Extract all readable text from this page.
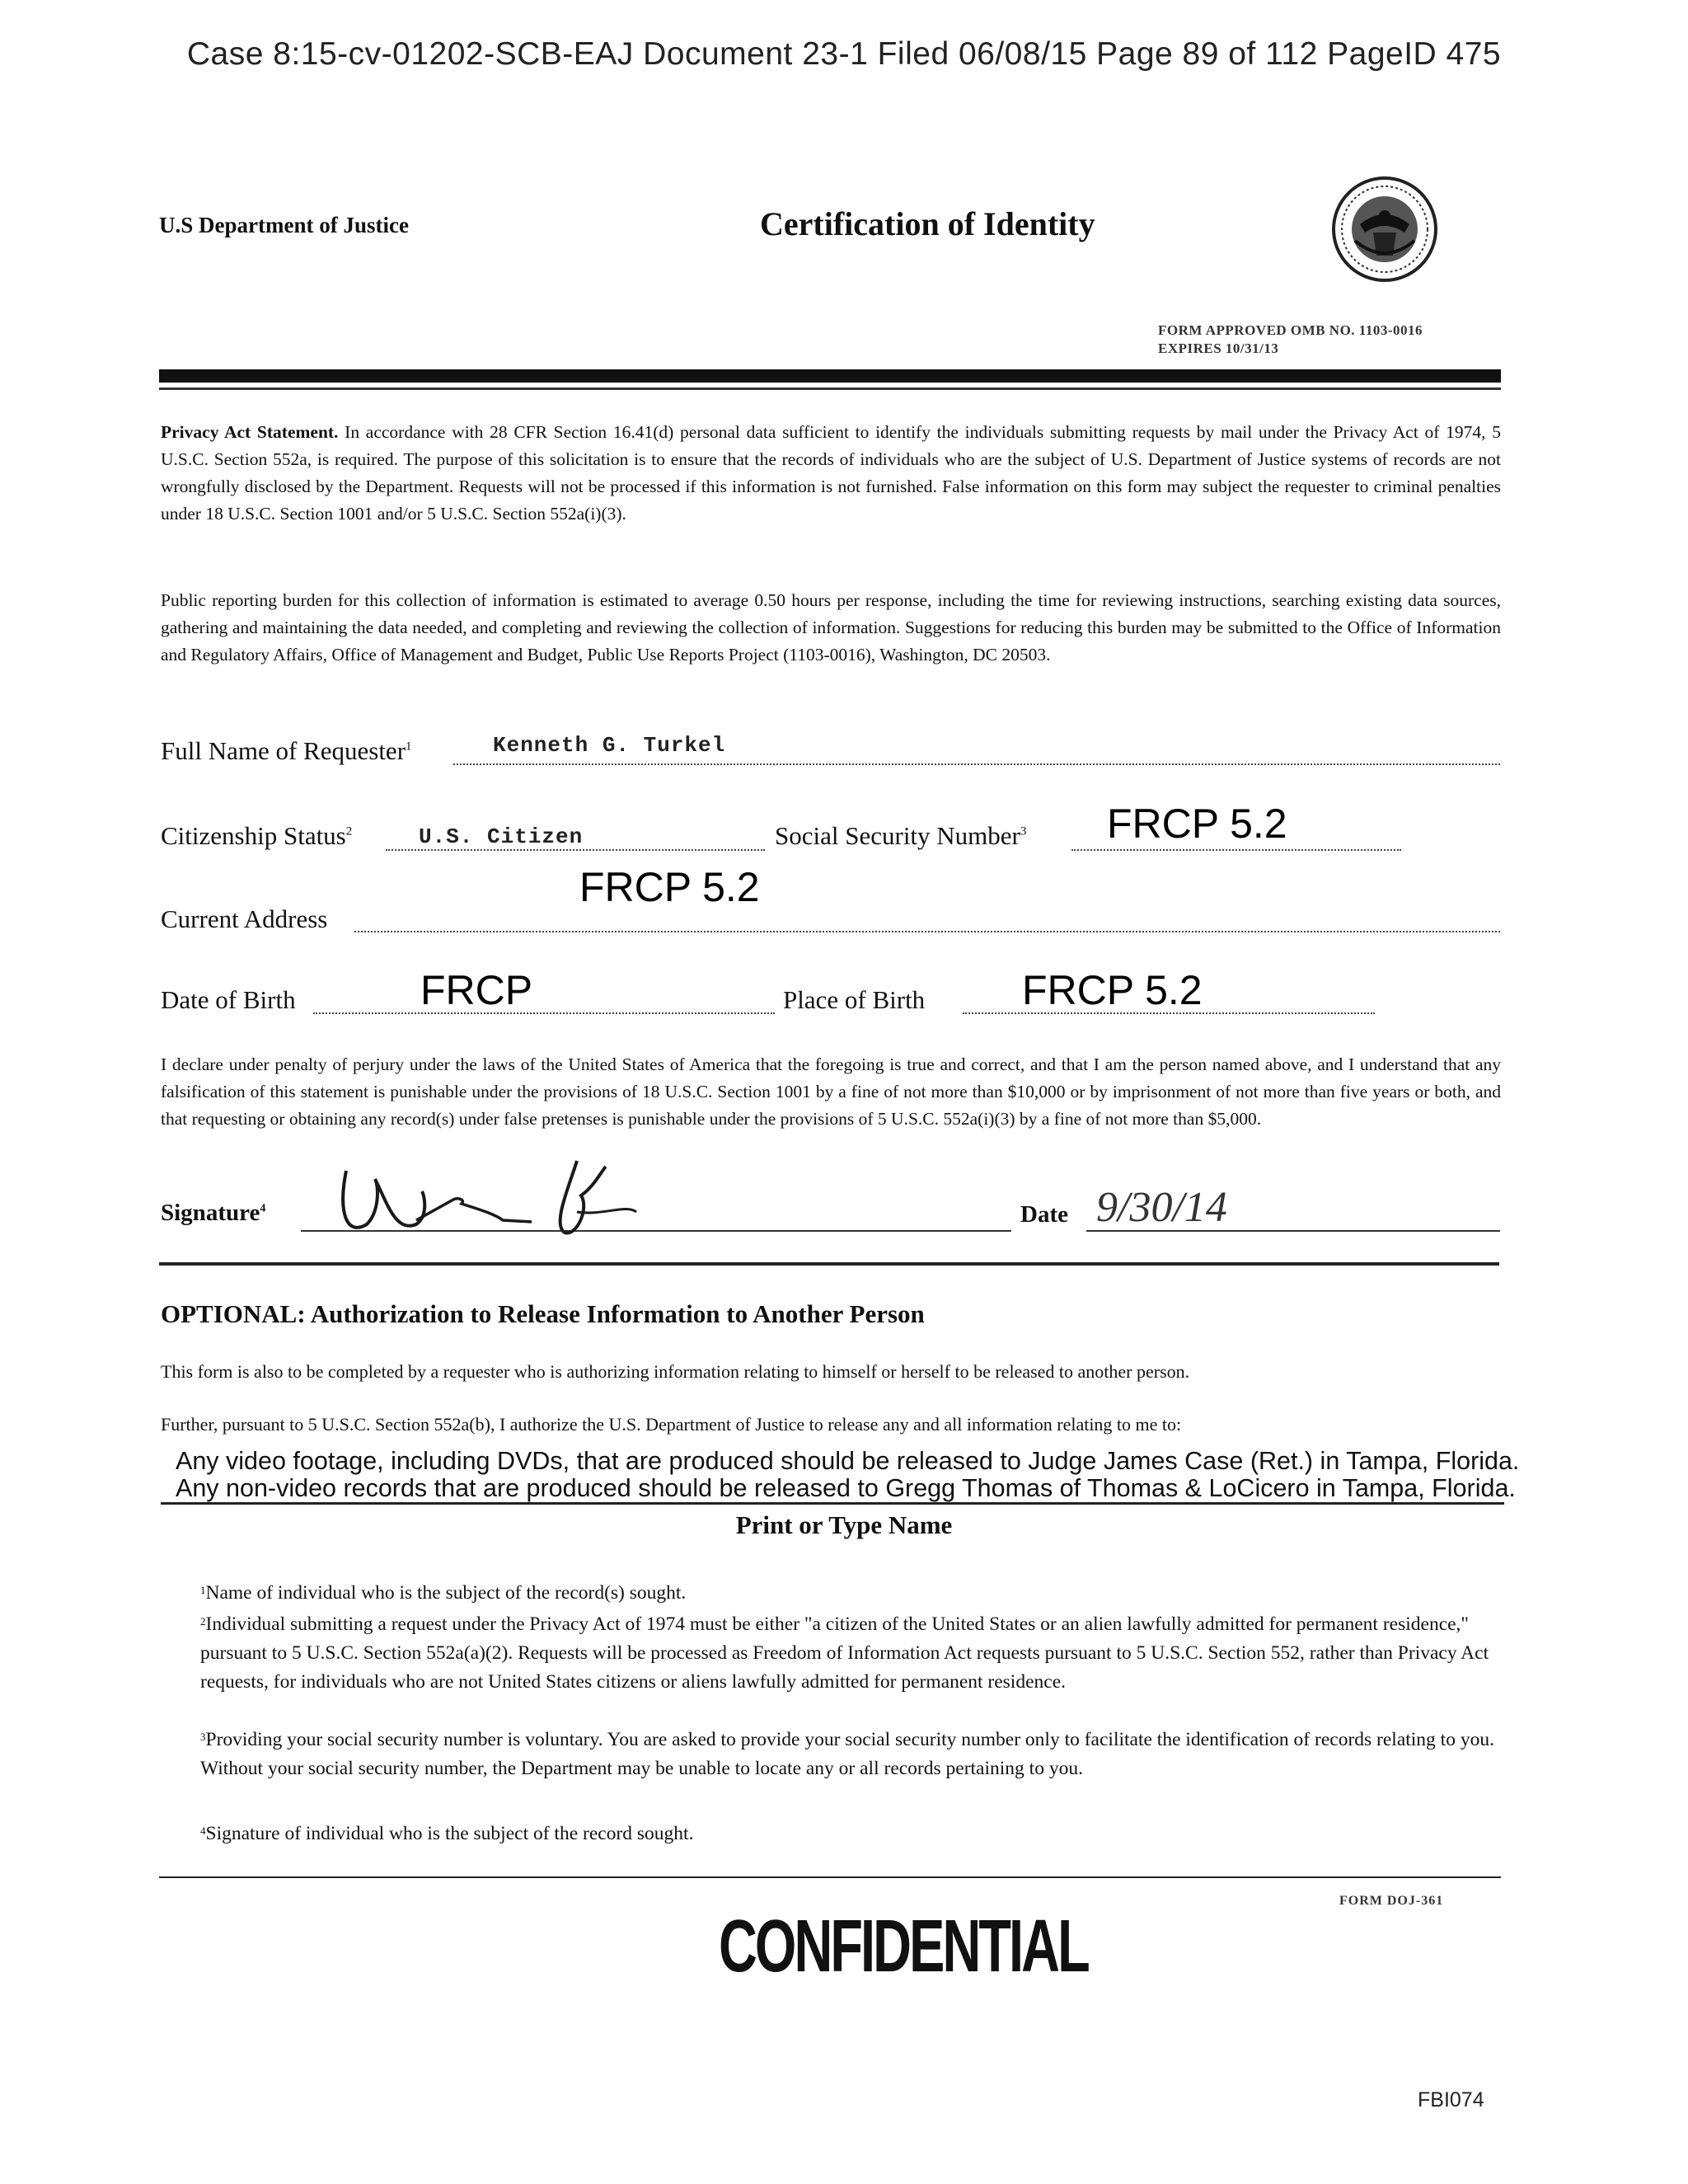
Case 8:15-cv-01202-SCB-EAJ Document 23-1 Filed 06/08/15 Page 89 of 112 PageID 475
U.S Department of Justice	Certification of Identity
FORM APPROVED OMB NO. 1103-0016
EXPIRES 10/31/13
Privacy Act Statement. In accordance with 28 CFR Section 16.41(d) personal data sufficient to identify the individuals submitting requests by mail under the Privacy Act of 1974, 5 U.S.C. Section 552a, is required. The purpose of this solicitation is to ensure that the records of individuals who are the subject of U.S. Department of Justice systems of records are not wrongfully disclosed by the Department. Requests will not be processed if this information is not furnished. False information on this form may subject the requester to criminal penalties under 18 U.S.C. Section 1001 and/or 5 U.S.C. Section 552a(i)(3).
Public reporting burden for this collection of information is estimated to average 0.50 hours per response, including the time for reviewing instructions, searching existing data sources, gathering and maintaining the data needed, and completing and reviewing the collection of information. Suggestions for reducing this burden may be submitted to the Office of Information and Regulatory Affairs, Office of Management and Budget, Public Use Reports Project (1103-0016), Washington, DC 20503.
Full Name of Requester$^1$	Kenneth G. Turkel
Citizenship Status$^2$	U.S. Citizen	Social Security Number$^3$ FRCP 5.2
Current Address
FRCP 5.2
Date of Birth	FRCP	Place of Birth FRCP 5.2
I declare under penalty of perjury under the laws of the United States of America that the foregoing is true and correct, and that I am the person named above, and I understand that any falsification of this statement is punishable under the provisions of 18 U.S.C. Section 1001 by a fine of not more than $10,000 or by imprisonment of not more than five years or both, and that requesting or obtaining any record(s) under false pretenses is punishable under the provisions of 5 U.S.C. 552a(i)(3) by a fine of not more than $5,000.
Signature$^4$	Date 9/30/14
OPTIONAL: Authorization to Release Information to Another Person
This form is also to be completed by a requester who is authorizing information relating to himself or herself to be released to another person.
Further, pursuant to 5 U.S.C. Section 552a(b), I authorize the U.S. Department of Justice to release any and all information relating to me to:
Any video footage, including DVDs, that are produced should be released to Judge James Case (Ret.) in Tampa, Florida.
Any non-video records that are produced should be released to Gregg Thomas of Thomas & LoCicero in Tampa, Florida.
Print or Type Name
$^1$Name of individual who is the subject of the record(s) sought.
$^2$Individual submitting a request under the Privacy Act of 1974 must be either "a citizen of the United States or an alien lawfully admitted for permanent residence," pursuant to 5 U.S.C. Section 552a(a)(2). Requests will be processed as Freedom of Information Act requests pursuant to 5 U.S.C. Section 552, rather than Privacy Act requests, for individuals who are not United States citizens or aliens lawfully admitted for permanent residence.
$^3$Providing your social security number is voluntary. You are asked to provide your social security number only to facilitate the identification of records relating to you. Without your social security number, the Department may be unable to locate any or all records pertaining to you.
$^4$Signature of individual who is the subject of the record sought.
FORM DOJ-361
CONFIDENTIAL
FBI074
